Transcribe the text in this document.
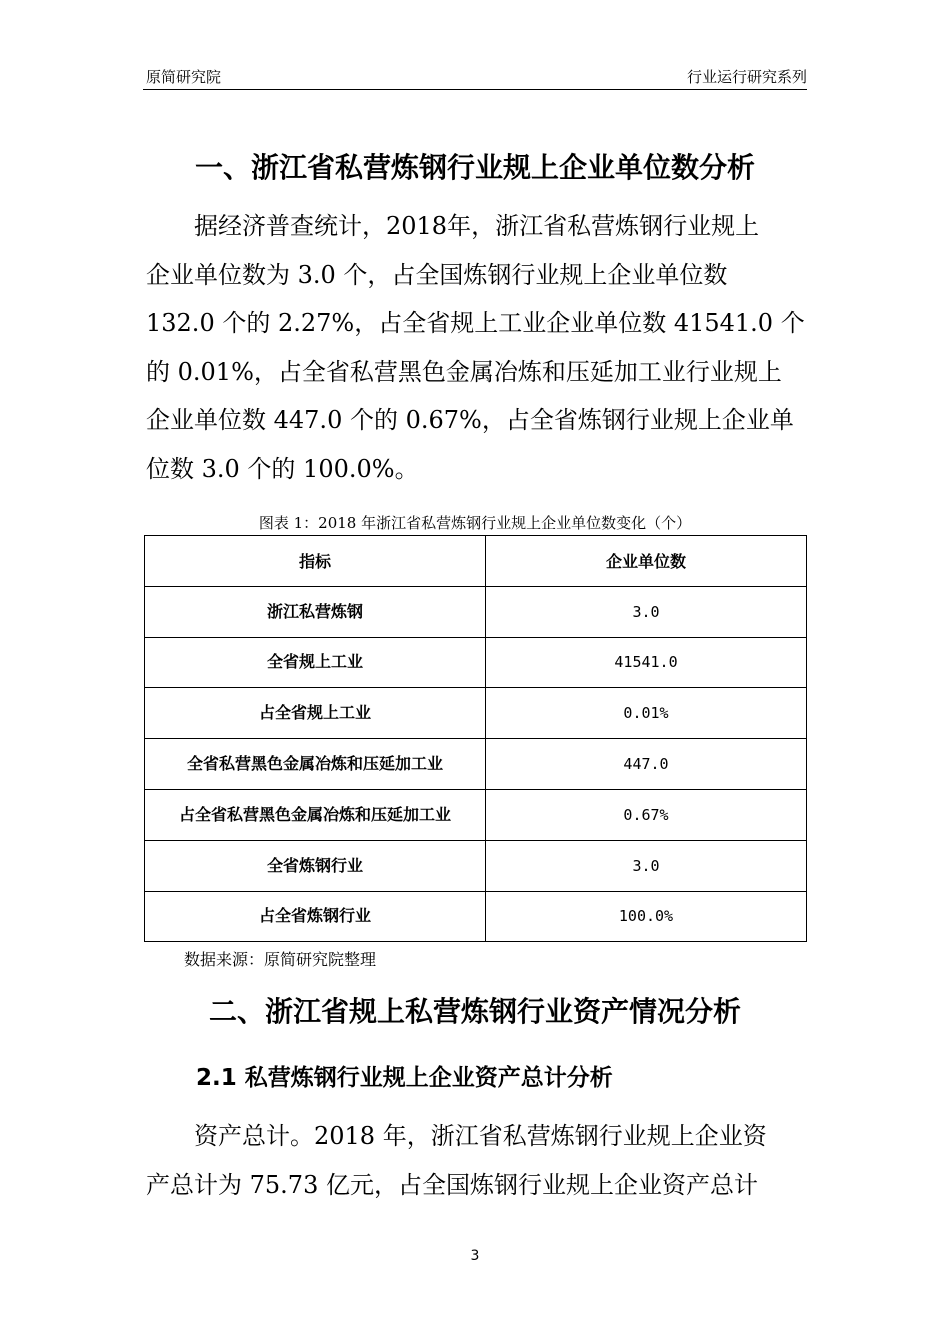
原简研究院	行业运行研究系列
一、浙江省私营炼钢行业规上企业单位数分析

　　据经济普查统计，2018年，浙江省私营炼钢行业规上
企业单位数为 3.0 个，占全国炼钢行业规上企业单位数
132.0 个的 2.27%，占全省规上工业企业单位数 41541.0 个
的 0.01%，占全省私营黑色金属冶炼和压延加工业行业规上
企业单位数 447.0 个的 0.67%，占全省炼钢行业规上企业单
位数 3.0 个的 100.0%。

图表 1：2018 年浙江省私营炼钢行业规上企业单位数变化（个）
指标	企业单位数
浙江私营炼钢	3.0
全省规上工业	41541.0
占全省规上工业	0.01%
全省私营黑色金属冶炼和压延加工业	447.0
占全省私营黑色金属冶炼和压延加工业	0.67%
全省炼钢行业	3.0
占全省炼钢行业	100.0%
数据来源：原简研究院整理
二、浙江省规上私营炼钢行业资产情况分析
2.1 私营炼钢行业规上企业资产总计分析

　　资产总计。2018 年，浙江省私营炼钢行业规上企业资
产总计为 75.73 亿元，占全国炼钢行业规上企业资产总计

3
